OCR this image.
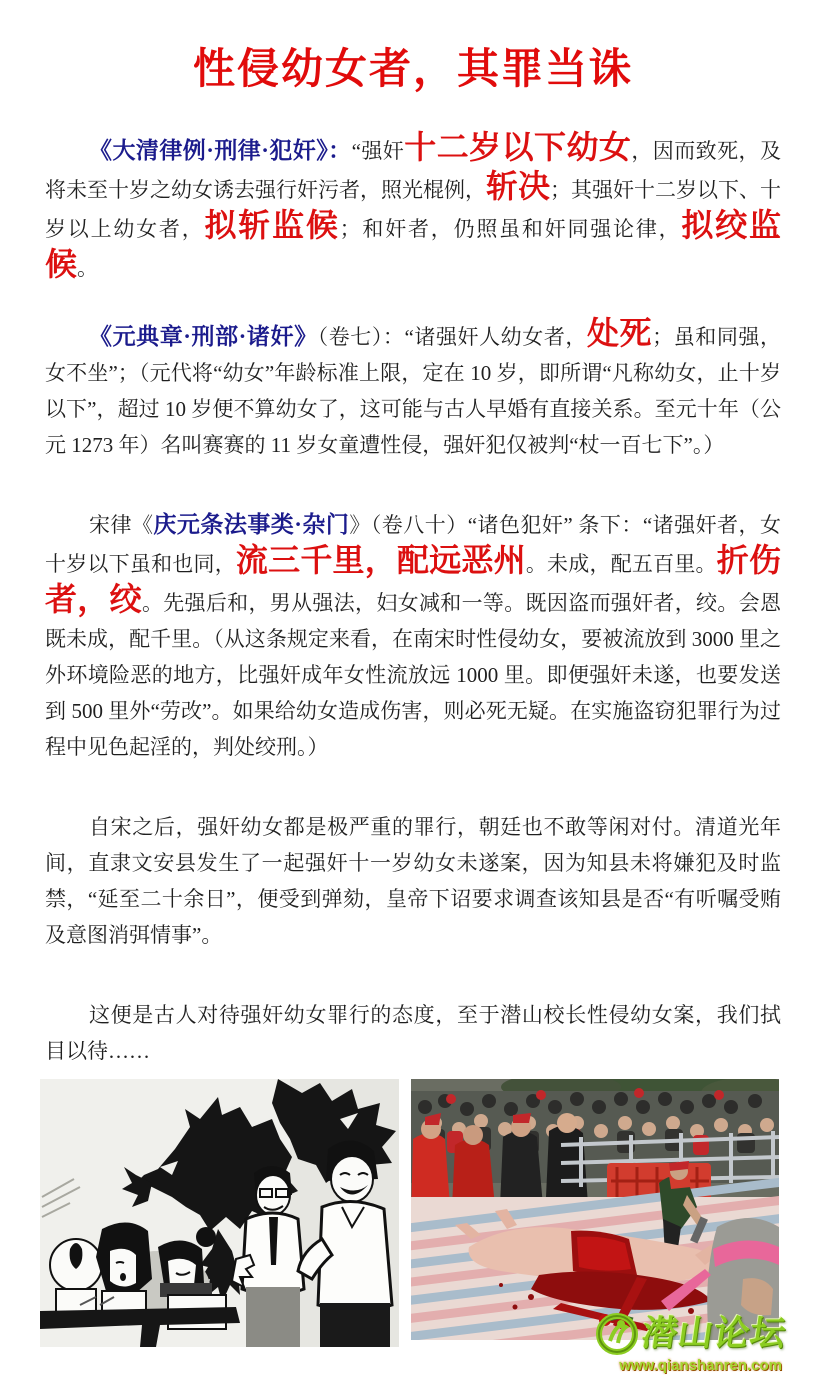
性侵幼女者，其罪当诛

《大清律例·刑律·犯奸》：“强奸十二岁以下幼女，因而致死，及将未至十岁之幼女诱去强行奸污者，照光棍例，斩决；其强奸十二岁以下、十岁以上幼女者，拟斩监候；和奸者，仍照虽和奸同强论律，拟绞监候。

《元典章·刑部·诸奸》（卷七）：“诸强奸人幼女者，处死；虽和同强，女不坐”；（元代将“幼女”年龄标准上限，定在 10 岁，即所谓“凡称幼女，止十岁以下”，超过 10 岁便不算幼女了，这可能与古人早婚有直接关系。至元十年（公元 1273 年）名叫赛赛的 11 岁女童遭性侵，强奸犯仅被判“杖一百七下”。）

宋律《庆元条法事类·杂门》（卷八十）“诸色犯奸” 条下：“诸强奸者，女十岁以下虽和也同，流三千里，配远恶州。未成，配五百里。折伤者，绞。先强后和，男从强法，妇女减和一等。既因盗而强奸者，绞。会恩既未成，配千里。（从这条规定来看，在南宋时性侵幼女，要被流放到 3000 里之外环境险恶的地方，比强奸成年女性流放远 1000 里。即便强奸未遂，也要发送到 500 里外“劳改”。如果给幼女造成伤害，则必死无疑。在实施盗窃犯罪行为过程中见色起淫的，判处绞刑。）

自宋之后，强奸幼女都是极严重的罪行，朝廷也不敢等闲对付。清道光年间，直隶文安县发生了一起强奸十一岁幼女未遂案，因为知县未将嫌犯及时监禁，“延至二十余日”，便受到弹劾，皇帝下诏要求调查该知县是否“有听嘱受贿及意图消弭情事”。

这便是古人对待强奸幼女罪行的态度，至于潜山校长性侵幼女案，我们拭目以待……

潜山论坛
www.qianshanren.com
